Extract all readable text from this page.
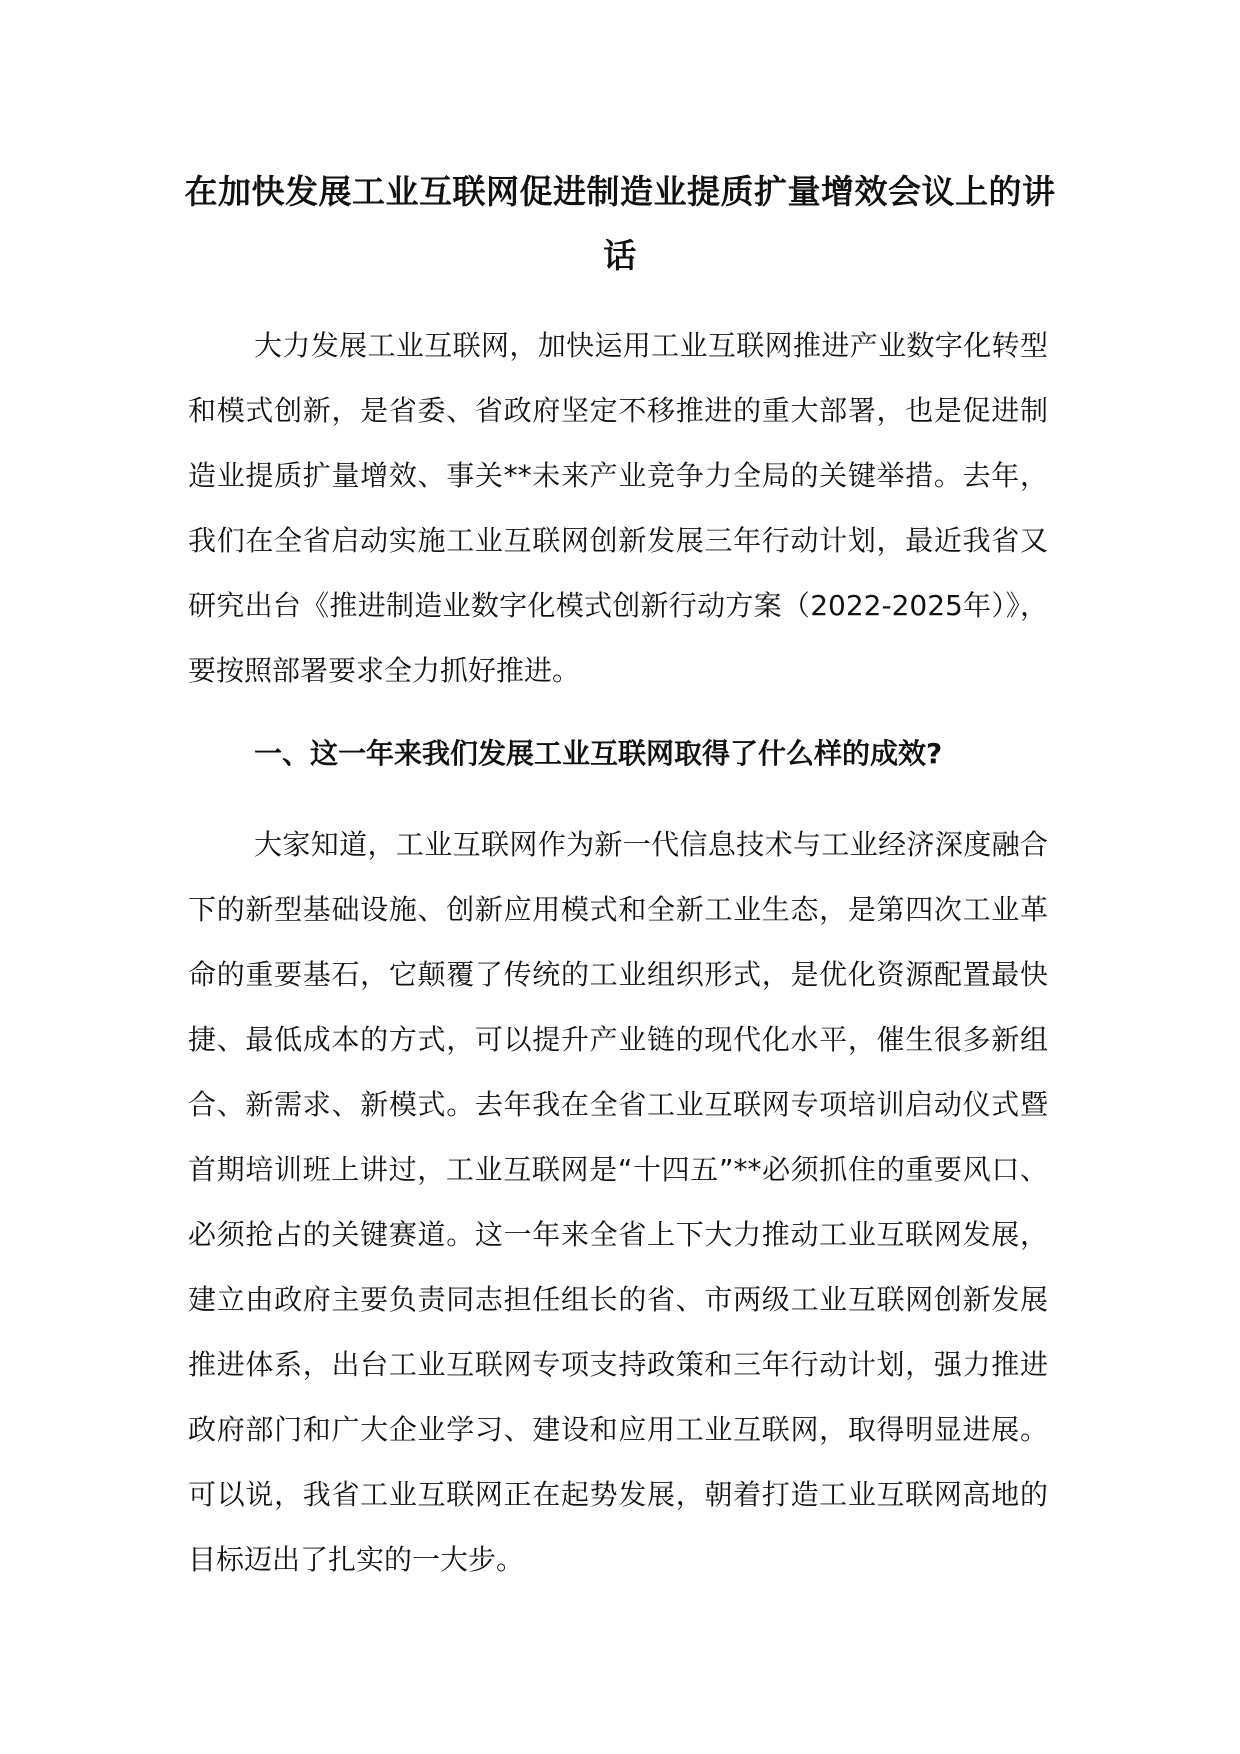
在加快发展工业互联网促进制造业提质扩量增效会议上的讲话

大力发展工业互联网，加快运用工业互联网推进产业数字化转型和模式创新，是省委、省政府坚定不移推进的重大部署，也是促进制造业提质扩量增效、事关**未来产业竞争力全局的关键举措。去年，我们在全省启动实施工业互联网创新发展三年行动计划，最近我省又研究出台《推进制造业数字化模式创新行动方案（2022-2025年）》，要按照部署要求全力抓好推进。

一、这一年来我们发展工业互联网取得了什么样的成效?

大家知道，工业互联网作为新一代信息技术与工业经济深度融合下的新型基础设施、创新应用模式和全新工业生态，是第四次工业革命的重要基石，它颠覆了传统的工业组织形式，是优化资源配置最快捷、最低成本的方式，可以提升产业链的现代化水平，催生很多新组合、新需求、新模式。去年我在全省工业互联网专项培训启动仪式暨首期培训班上讲过，工业互联网是“十四五”**必须抓住的重要风口、必须抢占的关键赛道。这一年来全省上下大力推动工业互联网发展，建立由政府主要负责同志担任组长的省、市两级工业互联网创新发展推进体系，出台工业互联网专项支持政策和三年行动计划，强力推进政府部门和广大企业学习、建设和应用工业互联网，取得明显进展。可以说，我省工业互联网正在起势发展，朝着打造工业互联网高地的目标迈出了扎实的一大步。
